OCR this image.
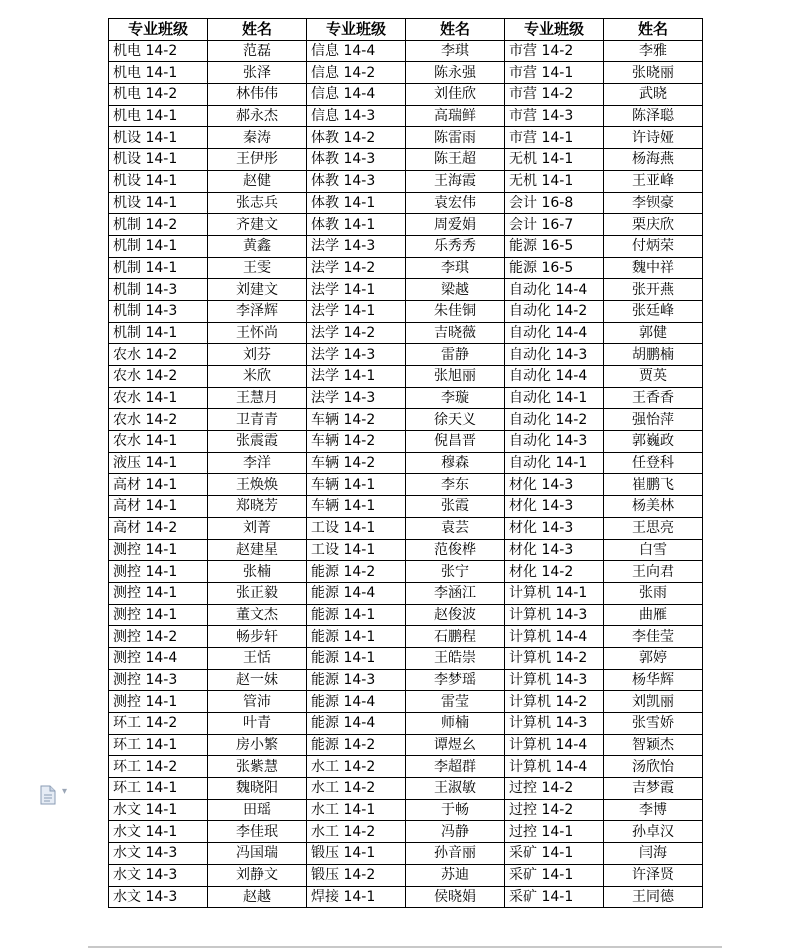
专业班级	姓名	专业班级	姓名	专业班级	姓名
机电 14-2	范磊	信息 14-4	李琪	市营 14-2	李雅
机电 14-1	张泽	信息 14-2	陈永强	市营 14-1	张晓丽
机电 14-2	林伟伟	信息 14-4	刘佳欣	市营 14-2	武晓
机电 14-1	郝永杰	信息 14-3	高瑞鲜	市营 14-3	陈泽聪
机设 14-1	秦涛	体教 14-2	陈雷雨	市营 14-1	许诗娅
机设 14-1	王伊彤	体教 14-3	陈王超	无机 14-1	杨海燕
机设 14-1	赵健	体教 14-3	王海霞	无机 14-1	王亚峰
机设 14-1	张志兵	体教 14-1	袁宏伟	会计 16-8	李钡豪
机制 14-2	齐建文	体教 14-1	周爱娟	会计 16-7	栗庆欣
机制 14-1	黄鑫	法学 14-3	乐秀秀	能源 16-5	付炳荣
机制 14-1	王雯	法学 14-2	李琪	能源 16-5	魏中祥
机制 14-3	刘建文	法学 14-1	梁越	自动化 14-4	张开燕
机制 14-3	李泽辉	法学 14-1	朱佳铜	自动化 14-2	张廷峰
机制 14-1	王怀尚	法学 14-2	吉晓薇	自动化 14-4	郭健
农水 14-2	刘芬	法学 14-3	雷静	自动化 14-3	胡鹏楠
农水 14-2	米欣	法学 14-1	张旭丽	自动化 14-4	贾英
农水 14-1	王慧月	法学 14-3	李璇	自动化 14-1	王香香
农水 14-2	卫青青	车辆 14-2	徐天义	自动化 14-2	强怡萍
农水 14-1	张震霞	车辆 14-2	倪昌晋	自动化 14-3	郭巍政
液压 14-1	李洋	车辆 14-2	穆森	自动化 14-1	任登科
高材 14-1	王焕焕	车辆 14-1	李东	材化 14-3	崔鹏飞
高材 14-1	郑晓芳	车辆 14-1	张霞	材化 14-3	杨美林
高材 14-2	刘菁	工设 14-1	袁芸	材化 14-3	王思亮
测控 14-1	赵建星	工设 14-1	范俊桦	材化 14-3	白雪
测控 14-1	张楠	能源 14-2	张宁	材化 14-2	王向君
测控 14-1	张正毅	能源 14-4	李涵江	计算机 14-1	张雨
测控 14-1	董文杰	能源 14-1	赵俊波	计算机 14-3	曲雁
测控 14-2	畅步轩	能源 14-1	石鹏程	计算机 14-4	李佳莹
测控 14-4	王恬	能源 14-1	王皓崇	计算机 14-2	郭婷
测控 14-3	赵一妹	能源 14-3	李梦瑶	计算机 14-3	杨华辉
测控 14-1	管沛	能源 14-4	雷莹	计算机 14-2	刘凯丽
环工 14-2	叶青	能源 14-4	师楠	计算机 14-3	张雪娇
环工 14-1	房小繁	能源 14-2	谭煜幺	计算机 14-4	智颖杰
环工 14-2	张紫慧	水工 14-2	李超群	计算机 14-4	汤欣怡
环工 14-1	魏晓阳	水工 14-2	王淑敏	过控 14-2	吉梦霞
水文 14-1	田瑶	水工 14-1	于畅	过控 14-2	李博
水文 14-1	李佳珉	水工 14-2	冯静	过控 14-1	孙卓汉
水文 14-3	冯国瑞	锻压 14-1	孙音丽	采矿 14-1	闫海
水文 14-3	刘静文	锻压 14-2	苏迪	采矿 14-1	许泽贤
水文 14-3	赵越	焊接 14-1	侯晓娟	采矿 14-1	王同德
▾
